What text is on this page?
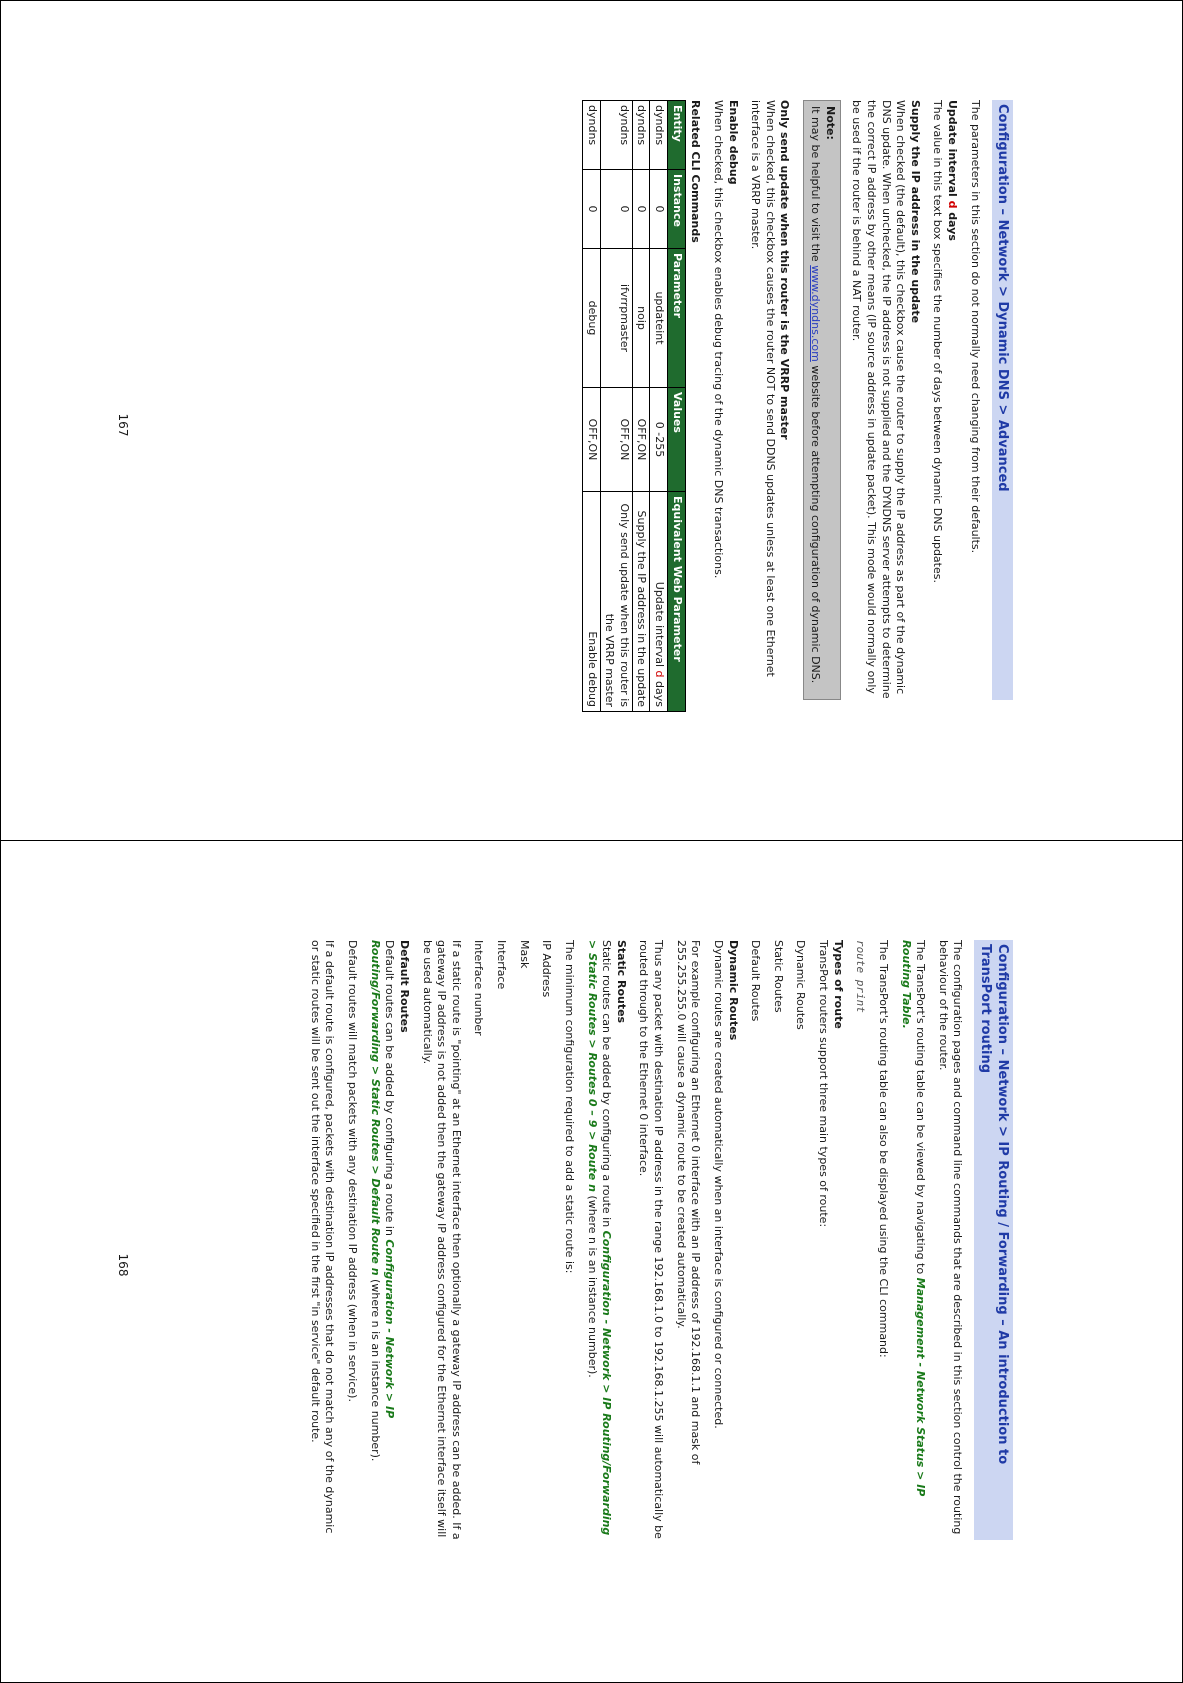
Configuration – Network > Dynamic DNS > Advanced

The parameters in this section do not normally need changing from their defaults.

Update interval d days

The value in this text box specifies the number of days between dynamic DNS updates.

Supply the IP address in the update

When checked (the default), this checkbox cause the router to supply the IP address as part of the dynamic DNS update. When unchecked, the IP address is not supplied and the DYNDNS server attempts to determine the correct IP address by other means (IP source address in update packet). This mode would normally only be used if the router is behind a NAT router.

Note:
It may be helpful to visit the www.dyndns.com website before attempting configuration of dynamic DNS.
Only send update when this router is the VRRP master

When checked, this checkbox causes the router NOT to send DDNS updates unless at least one Ethernet interface is a VRRP master.

Enable debug

When checked, this checkbox enables debug tracing of the dynamic DNS transactions.

Related CLI Commands
Entity	Instance	Parameter	Values	Equivalent Web Parameter
dyndns	0	updateint	0 -255	Update interval d days
dyndns	0	noip	OFF,ON	Supply the IP address in the update
dyndns	0	ifvrrpmaster	OFF,ON	Only send update when this router is the VRRP master
dyndns	0	debug	OFF,ON	Enable debug
167
Configuration – Network > IP Routing / Forwarding – An introduction to TransPort routing

The configuration pages and command line commands that are described in this section control the routing behaviour of the router.

The TransPort's routing table can be viewed by navigating to Management - Network Status > IP Routing Table.

The TransPort's routing table can also be displayed using the CLI command:

route print

Types of route

TransPort routers support three main types of route:

Dynamic Routes

Static Routes

Default Routes

Dynamic Routes

Dynamic routes are created automatically when an interface is configured or connected.

For example configuring an Ethernet 0 interface with an IP address of 192.168.1.1 and mask of 255.255.255.0 will cause a dynamic route to be created automatically.

Thus any packet with destination IP address in the range 192.168.1.0 to 192.168.1.255 will automatically be routed through to the Ethernet 0 interface.

Static Routes

Static routes can be added by configuring a route in Configuration - Network > IP Routing/Forwarding > Static Routes > Routes 0 – 9 > Route n (where n is an instance number).

The minimum configuration required to add a static route is:

IP Address

Mask

Interface

Interface number

If a static route is "pointing" at an Ethernet interface then optionally a gateway IP address can be added. If a gateway IP address is not added then the gateway IP address configured for the Ethernet interface itself will be used automatically.

Default Routes

Default routes can be added by configuring a route in Configuration - Network > IP Routing/Forwarding > Static Routes > Default Route n (where n is an instance number).

Default routes will match packets with any destination IP address (when in service).

If a default route is configured, packets with destination IP addresses that do not match any of the dynamic or static routes will be sent out the interface specified in the first "in service" default route.

168
